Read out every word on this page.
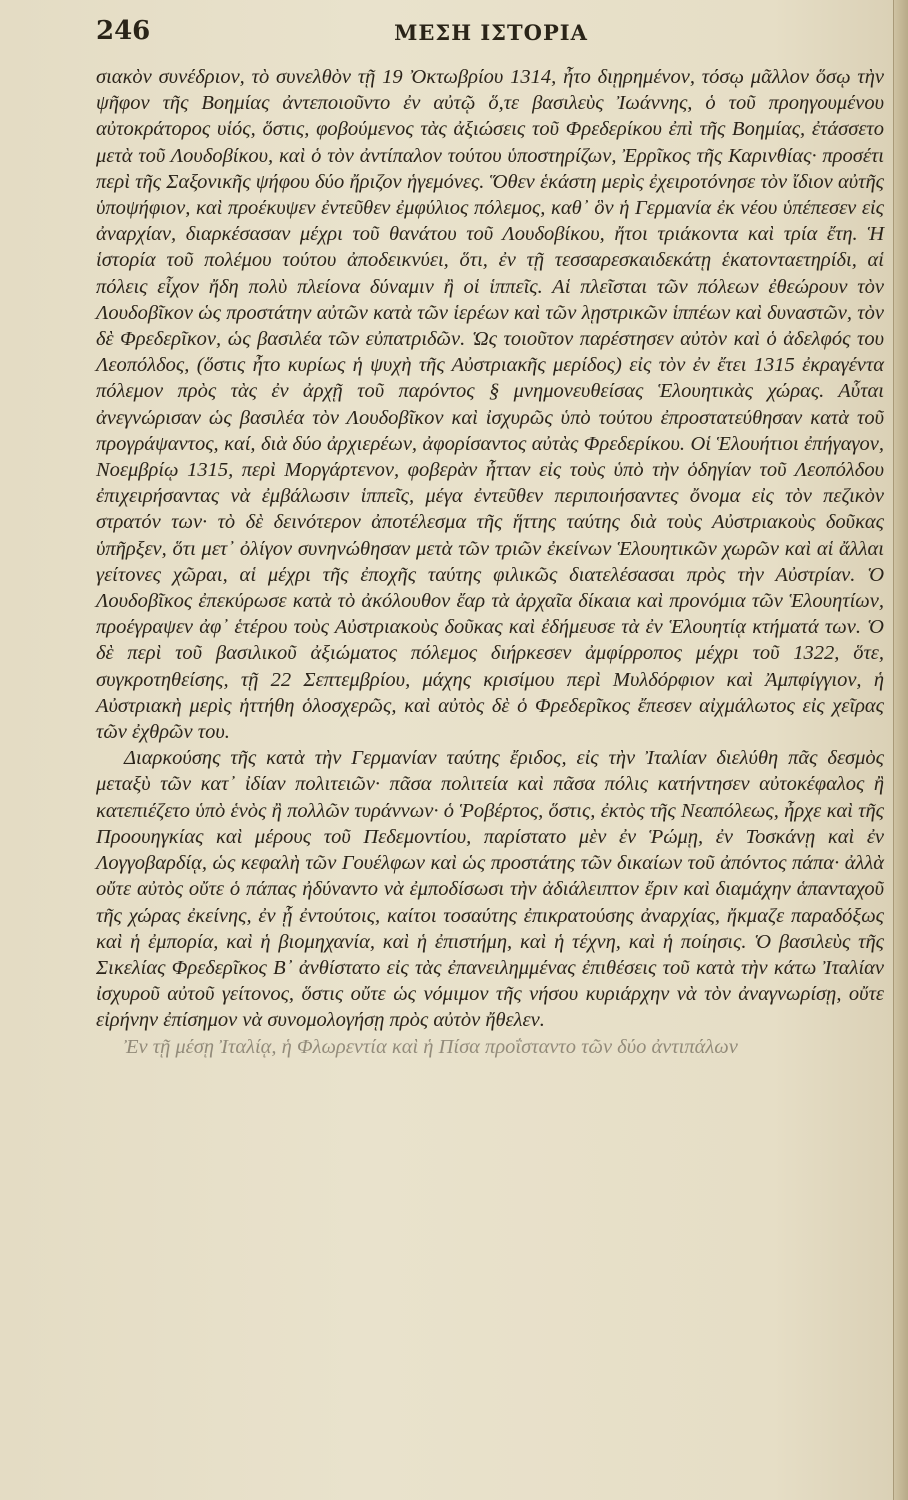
246	ΜΕΣΗ ΙΣΤΟΡΙΑ

σιακὸν συνέδριον, τὸ συνελθὸν τῇ 19 Ὀκτωβρίου 1314, ἦτο διῃρημένον, τόσῳ μᾶλλον ὅσῳ τὴν ψῆφον τῆς Βοημίας ἀντεποιοῦντο ἐν αὐτῷ ὅ,τε βασιλεὺς Ἰωάννης, ὁ τοῦ προηγουμένου αὐτοκράτορος υἱός, ὅστις, φοβούμενος τὰς ἀξιώσεις τοῦ Φρεδερίκου ἐπὶ τῆς Βοημίας, ἐτάσσετο μετὰ τοῦ Λουδοβίκου, καὶ ὁ τὸν ἀντίπαλον τούτου ὑποστηρίζων, Ἐρρῖκος τῆς Καρινθίας· προσέτι περὶ τῆς Σαξονικῆς ψήφου δύο ἤριζον ἡγεμόνες. Ὅθεν ἑκάστη μερὶς ἐχειροτόνησε τὸν ἴδιον αὐτῆς ὑποψήφιον, καὶ προέκυψεν ἐντεῦθεν ἐμφύλιος πόλεμος, καθ᾽ ὃν ἡ Γερμανία ἐκ νέου ὑπέπεσεν εἰς ἀναρχίαν, διαρκέσασαν μέχρι τοῦ θανάτου τοῦ Λουδοβίκου, ἤτοι τριάκοντα καὶ τρία ἔτη. Ἡ ἱστορία τοῦ πολέμου τούτου ἀποδεικνύει, ὅτι, ἐν τῇ τεσσαρεσκαιδεκάτῃ ἑκατονταετηρίδι, αἱ πόλεις εἶχον ἤδη πολὺ πλείονα δύναμιν ἢ οἱ ἱππεῖς. Αἱ πλεῖσται τῶν πόλεων ἐθεώρουν τὸν Λουδοβῖκον ὡς προστάτην αὐτῶν κατὰ τῶν ἱερέων καὶ τῶν λῃστρικῶν ἱππέων καὶ δυναστῶν, τὸν δὲ Φρεδερῖκον, ὡς βασιλέα τῶν εὐπατριδῶν. Ὡς τοιοῦτον παρέστησεν αὐτὸν καὶ ὁ ἀδελφός του Λεοπόλδος, (ὅστις ἦτο κυρίως ἡ ψυχὴ τῆς Αὐστριακῆς μερίδος) εἰς τὸν ἐν ἔτει 1315 ἐκραγέντα πόλεμον πρὸς τὰς ἐν ἀρχῇ τοῦ παρόντος § μνημονευθείσας Ἑλουητικὰς χώρας. Αὗται ἀνεγνώρισαν ὡς βασιλέα τὸν Λουδοβῖκον καὶ ἰσχυρῶς ὑπὸ τούτου ἐπροστατεύθησαν κατὰ τοῦ προγράψαντος, καί, διὰ δύο ἀρχιερέων, ἀφορίσαντος αὐτὰς Φρεδερίκου. Οἱ Ἑλουήτιοι ἐπήγαγον, Νοεμβρίῳ 1315, περὶ Μοργάρτενον, φοβερὰν ἧτταν εἰς τοὺς ὑπὸ τὴν ὁδηγίαν τοῦ Λεοπόλδου ἐπιχειρήσαντας νὰ ἐμβάλωσιν ἱππεῖς, μέγα ἐντεῦθεν περιποιήσαντες ὄνομα εἰς τὸν πεζικὸν στρατόν των· τὸ δὲ δεινότερον ἀποτέλεσμα τῆς ἥττης ταύτης διὰ τοὺς Αὐστριακοὺς δοῦκας ὑπῆρξεν, ὅτι μετ᾽ ὀλίγον συνηνώθησαν μετὰ τῶν τριῶν ἐκείνων Ἑλουητικῶν χωρῶν καὶ αἱ ἄλλαι γείτονες χῶραι, αἱ μέχρι τῆς ἐποχῆς ταύτης φιλικῶς διατελέσασαι πρὸς τὴν Αὐστρίαν. Ὁ Λουδοβῖκος ἐπεκύρωσε κατὰ τὸ ἀκόλουθον ἔαρ τὰ ἀρχαῖα δίκαια καὶ προνόμια τῶν Ἑλουητίων, προέγραψεν ἀφ᾽ ἑτέρου τοὺς Αὐστριακοὺς δοῦκας καὶ ἐδήμευσε τὰ ἐν Ἑλουητίᾳ κτήματά των. Ὁ δὲ περὶ τοῦ βασιλικοῦ ἀξιώματος πόλεμος διήρκεσεν ἀμφίρροπος μέχρι τοῦ 1322, ὅτε, συγκροτηθείσης, τῇ 22 Σεπτεμβρίου, μάχης κρισίμου περὶ Μυλδόρφιον καὶ Ἀμπφίγγιον, ἡ Αὐστριακὴ μερὶς ἡττήθη ὁλοσχερῶς, καὶ αὐτὸς δὲ ὁ Φρεδερῖκος ἔπεσεν αἰχμάλωτος εἰς χεῖρας τῶν ἐχθρῶν του.

Διαρκούσης τῆς κατὰ τὴν Γερμανίαν ταύτης ἔριδος, εἰς τὴν Ἰταλίαν διελύθη πᾶς δεσμὸς μεταξὺ τῶν κατ᾽ ἰδίαν πολιτειῶν· πᾶσα πολιτεία καὶ πᾶσα πόλις κατήντησεν αὐτοκέφαλος ἢ κατεπιέζετο ὑπὸ ἑνὸς ἢ πολλῶν τυράννων· ὁ Ῥοβέρτος, ὅστις, ἐκτὸς τῆς Νεαπόλεως, ἦρχε καὶ τῆς Προουηγκίας καὶ μέρους τοῦ Πεδεμοντίου, παρίστατο μὲν ἐν Ῥώμῃ, ἐν Τοσκάνῃ καὶ ἐν Λογγοβαρδίᾳ, ὡς κεφαλὴ τῶν Γουέλφων καὶ ὡς προστάτης τῶν δικαίων τοῦ ἀπόντος πάπα· ἀλλὰ οὔτε αὐτὸς οὔτε ὁ πάπας ἠδύναντο νὰ ἐμποδίσωσι τὴν ἀδιάλειπτον ἔριν καὶ διαμάχην ἁπανταχοῦ τῆς χώρας ἐκείνης, ἐν ᾗ ἐντούτοις, καίτοι τοσαύτης ἐπικρατούσης ἀναρχίας, ἤκμαζε παραδόξως καὶ ἡ ἐμπορία, καὶ ἡ βιομηχανία, καὶ ἡ ἐπιστήμη, καὶ ἡ τέχνη, καὶ ἡ ποίησις. Ὁ βασιλεὺς τῆς Σικελίας Φρεδερῖκος Β᾽ ἀνθίστατο εἰς τὰς ἐπανειλημμένας ἐπιθέσεις τοῦ κατὰ τὴν κάτω Ἰταλίαν ἰσχυροῦ αὐτοῦ γείτονος, ὅστις οὔτε ὡς νόμιμον τῆς νήσου κυριάρχην νὰ τὸν ἀναγνωρίσῃ, οὔτε εἰρήνην ἐπίσημον νὰ συνομολογήσῃ πρὸς αὐτὸν ἤθελεν.

Ἐν τῇ μέσῃ Ἰταλίᾳ, ἡ Φλωρεντία καὶ ἡ Πίσα προΐσταντο τῶν δύο ἀντιπάλων
